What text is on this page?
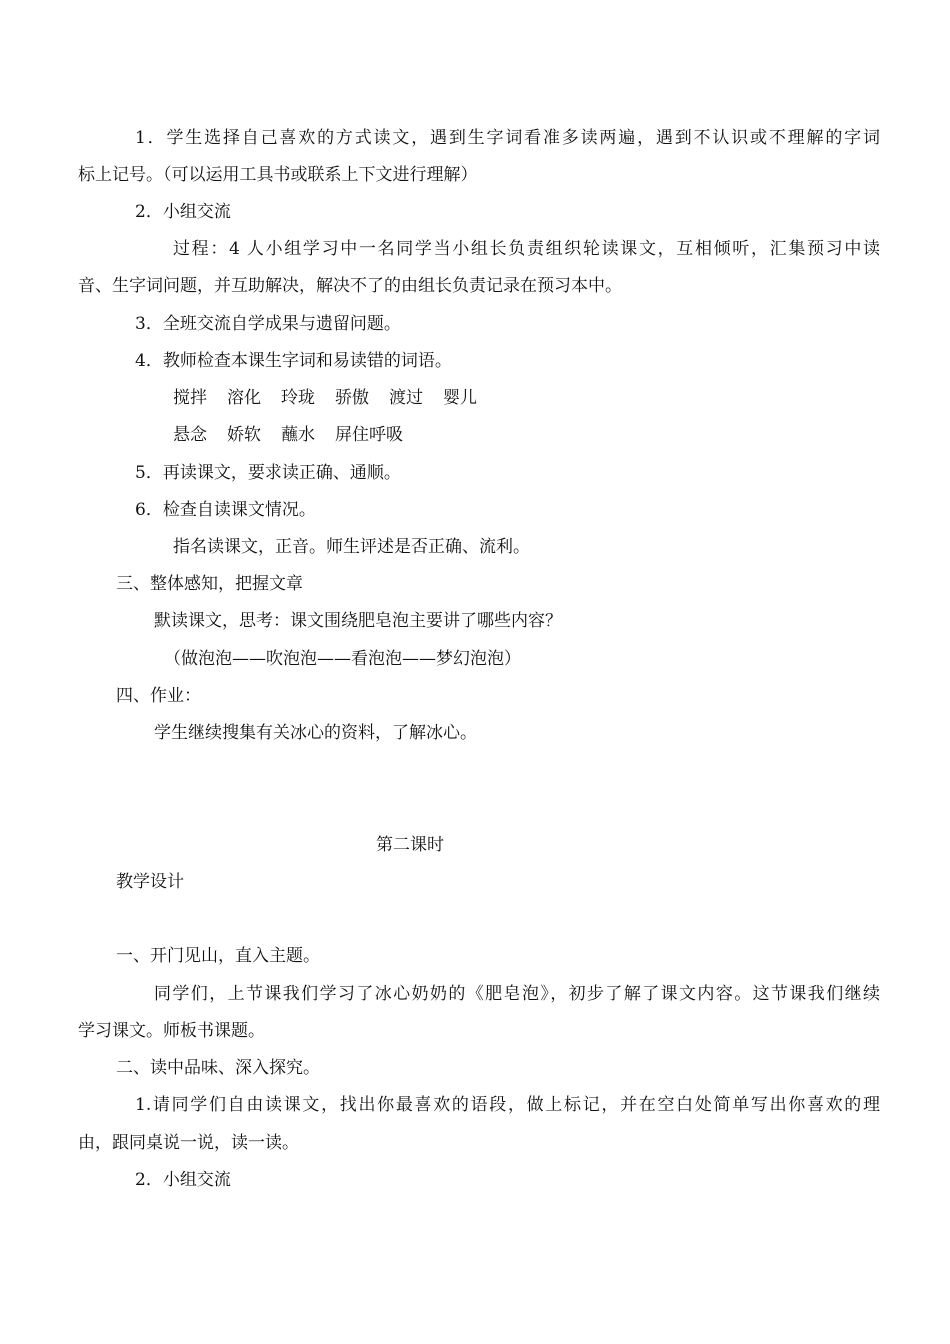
1．学生选择自己喜欢的方式读文，遇到生字词看准多读两遍，遇到不认识或不理解的字词
标上记号。（可以运用工具书或联系上下文进行理解）
2．小组交流
过程：4 人小组学习中一名同学当小组长负责组织轮读课文，互相倾听，汇集预习中读
音、生字词问题，并互助解决，解决不了的由组长负责记录在预习本中。
3．全班交流自学成果与遗留问题。
4．教师检查本课生字词和易读错的词语。
搅拌 溶化 玲珑 骄傲 渡过 婴儿
悬念 娇软 蘸水 屏住呼吸
5．再读课文，要求读正确、通顺。
6．检查自读课文情况。
指名读课文，正音。师生评述是否正确、流利。
三、整体感知，把握文章
默读课文，思考：课文围绕肥皂泡主要讲了哪些内容？
（做泡泡——吹泡泡——看泡泡——梦幻泡泡）
四、作业：
学生继续搜集有关冰心的资料，了解冰心。
第二课时
教学设计
一、开门见山，直入主题。
同学们，上节课我们学习了冰心奶奶的《肥皂泡》，初步了解了课文内容。这节课我们继续
学习课文。师板书课题。
二、读中品味、深入探究。
1.请同学们自由读课文，找出你最喜欢的语段，做上标记，并在空白处简单写出你喜欢的理
由，跟同桌说一说，读一读。
2．小组交流
